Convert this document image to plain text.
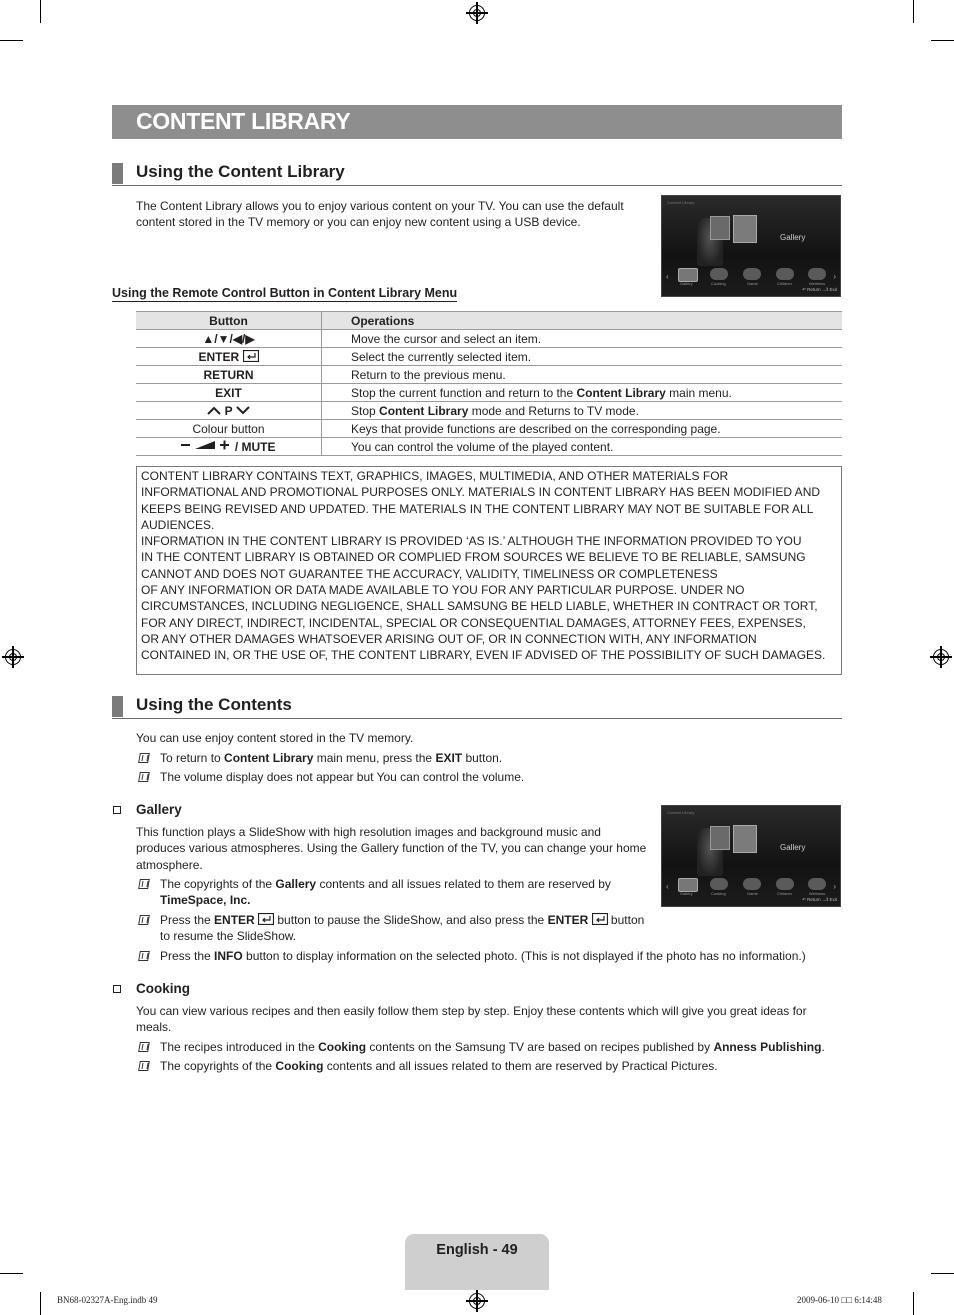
CONTENT LIBRARY
Using the Content Library
The Content Library allows you to enjoy various content on your TV. You can use the default
content stored in the TV memory or you can enjoy new content using a USB device.
Content Library
Gallery
‹	›
Gallery	Cooking	Game	Children	Wellness
↶ Return →‖ Exit
Using the Remote Control Button in Content Library Menu
Button	Operations
▲/▼/◀/▶	Move the cursor and select an item.
ENTER	Select the currently selected item.
RETURN	Return to the previous menu.
EXIT	Stop the current function and return to the Content Library main menu.
P	Stop Content Library mode and Returns to TV mode.
Colour button	Keys that provide functions are described on the corresponding page.
/ MUTE	You can control the volume of the played content.
CONTENT LIBRARY CONTAINS TEXT, GRAPHICS, IMAGES, MULTIMEDIA, AND OTHER MATERIALS FOR
INFORMATIONAL AND PROMOTIONAL PURPOSES ONLY. MATERIALS IN CONTENT LIBRARY HAS BEEN MODIFIED AND
KEEPS BEING REVISED AND UPDATED. THE MATERIALS IN THE CONTENT LIBRARY MAY NOT BE SUITABLE FOR ALL
AUDIENCES.
INFORMATION IN THE CONTENT LIBRARY IS PROVIDED ‘AS IS.’ ALTHOUGH THE INFORMATION PROVIDED TO YOU
IN THE CONTENT LIBRARY IS OBTAINED OR COMPLIED FROM SOURCES WE BELIEVE TO BE RELIABLE, SAMSUNG
CANNOT AND DOES NOT GUARANTEE THE ACCURACY, VALIDITY, TIMELINESS OR COMPLETENESS
OF ANY INFORMATION OR DATA MADE AVAILABLE TO YOU FOR ANY PARTICULAR PURPOSE. UNDER NO
CIRCUMSTANCES, INCLUDING NEGLIGENCE, SHALL SAMSUNG BE HELD LIABLE, WHETHER IN CONTRACT OR TORT,
FOR ANY DIRECT, INDIRECT, INCIDENTAL, SPECIAL OR CONSEQUENTIAL DAMAGES, ATTORNEY FEES, EXPENSES,
OR ANY OTHER DAMAGES WHATSOEVER ARISING OUT OF, OR IN CONNECTION WITH, ANY INFORMATION
CONTAINED IN, OR THE USE OF, THE CONTENT LIBRARY, EVEN IF ADVISED OF THE POSSIBILITY OF SUCH DAMAGES.
Using the Contents
You can use enjoy content stored in the TV memory.
To return to Content Library main menu, press the EXIT button.
The volume display does not appear but You can control the volume.
Gallery
This function plays a SlideShow with high resolution images and background music and
produces various atmospheres. Using the Gallery function of the TV, you can change your home
atmosphere.
The copyrights of the Gallery contents and all issues related to them are reserved by
TimeSpace, Inc.
Press the ENTER  button to pause the SlideShow, and also press the ENTER  button
to resume the SlideShow.
Press the INFO button to display information on the selected photo. (This is not displayed if the photo has no information.)
Content Library
Gallery
‹	›
Gallery	Cooking	Game	Children	Wellness
↶ Return →‖ Exit
Cooking
You can view various recipes and then easily follow them step by step. Enjoy these contents which will give you great ideas for
meals.
The recipes introduced in the Cooking contents on the Samsung TV are based on recipes published by Anness Publishing.
The copyrights of the Cooking contents and all issues related to them are reserved by Practical Pictures.
English - 49
BN68-02327A-Eng.indb 49	2009-06-10 □□ 6:14:48
